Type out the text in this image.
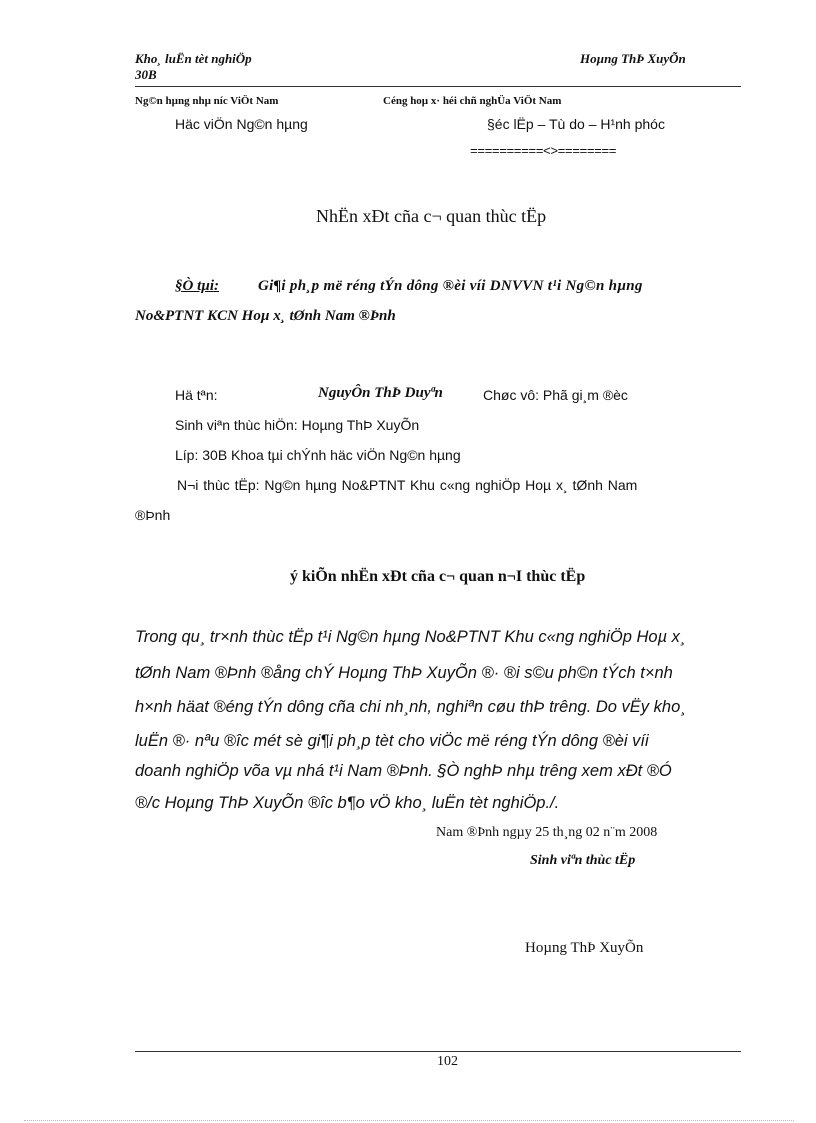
Kho¸ luËn tèt nghiÖp
30B
Hoµng ThÞ XuyÕn
Ng©n hµng nhµ níc ViÖt Nam	Céng hoµ x· héi chñ nghÜa ViÖt Nam
Häc viÖn Ng©n hµng	§éc lËp – Tù do – H¹nh phóc
==========<>========
NhËn xÐt cña c¬ quan thùc tËp
§Ò tµi:	Gi¶i ph¸p më réng tÝn dông ®èi víi DNVVN t¹i Ng©n hµng
No&PTNT KCN Hoµ x¸ tØnh Nam ®Þnh
Hä tªn:	NguyÔn ThÞ Duyªn	Chøc vô: Phã gi¸m ®èc
Sinh viªn thùc hiÖn: Hoµng ThÞ XuyÕn
Líp: 30B Khoa tµi chÝnh häc viÖn Ng©n hµng
N¬i thùc tËp: Ng©n hµng No&PTNT Khu c«ng nghiÖp Hoµ x¸ tØnh Nam
®Þnh
ý kiÕn nhËn xÐt cña c¬ quan n¬I thùc tËp
Trong qu¸ tr×nh thùc tËp t¹i Ng©n hµng No&PTNT Khu c«ng nghiÖp Hoµ x¸
tØnh Nam ®Þnh ®ång chÝ Hoµng ThÞ XuyÕn ®· ®i s©u ph©n tÝch t×nh
h×nh häat ®éng tÝn dông cña chi nh¸nh, nghiªn cøu thÞ trêng. Do vËy kho¸
luËn ®· nªu ®îc mét sè gi¶i ph¸p tèt cho viÖc më réng tÝn dông ®èi víi
doanh nghiÖp võa vµ nhá t¹i Nam ®Þnh. §Ò nghÞ nhµ trêng xem xÐt ®Ó
®/c Hoµng ThÞ XuyÕn ®îc b¶o vÖ kho¸ luËn tèt nghiÖp./.
Nam ®Þnh ngµy 25 th¸ng 02 n¨m 2008
Sinh viªn thùc tËp
Hoµng ThÞ XuyÕn
102
